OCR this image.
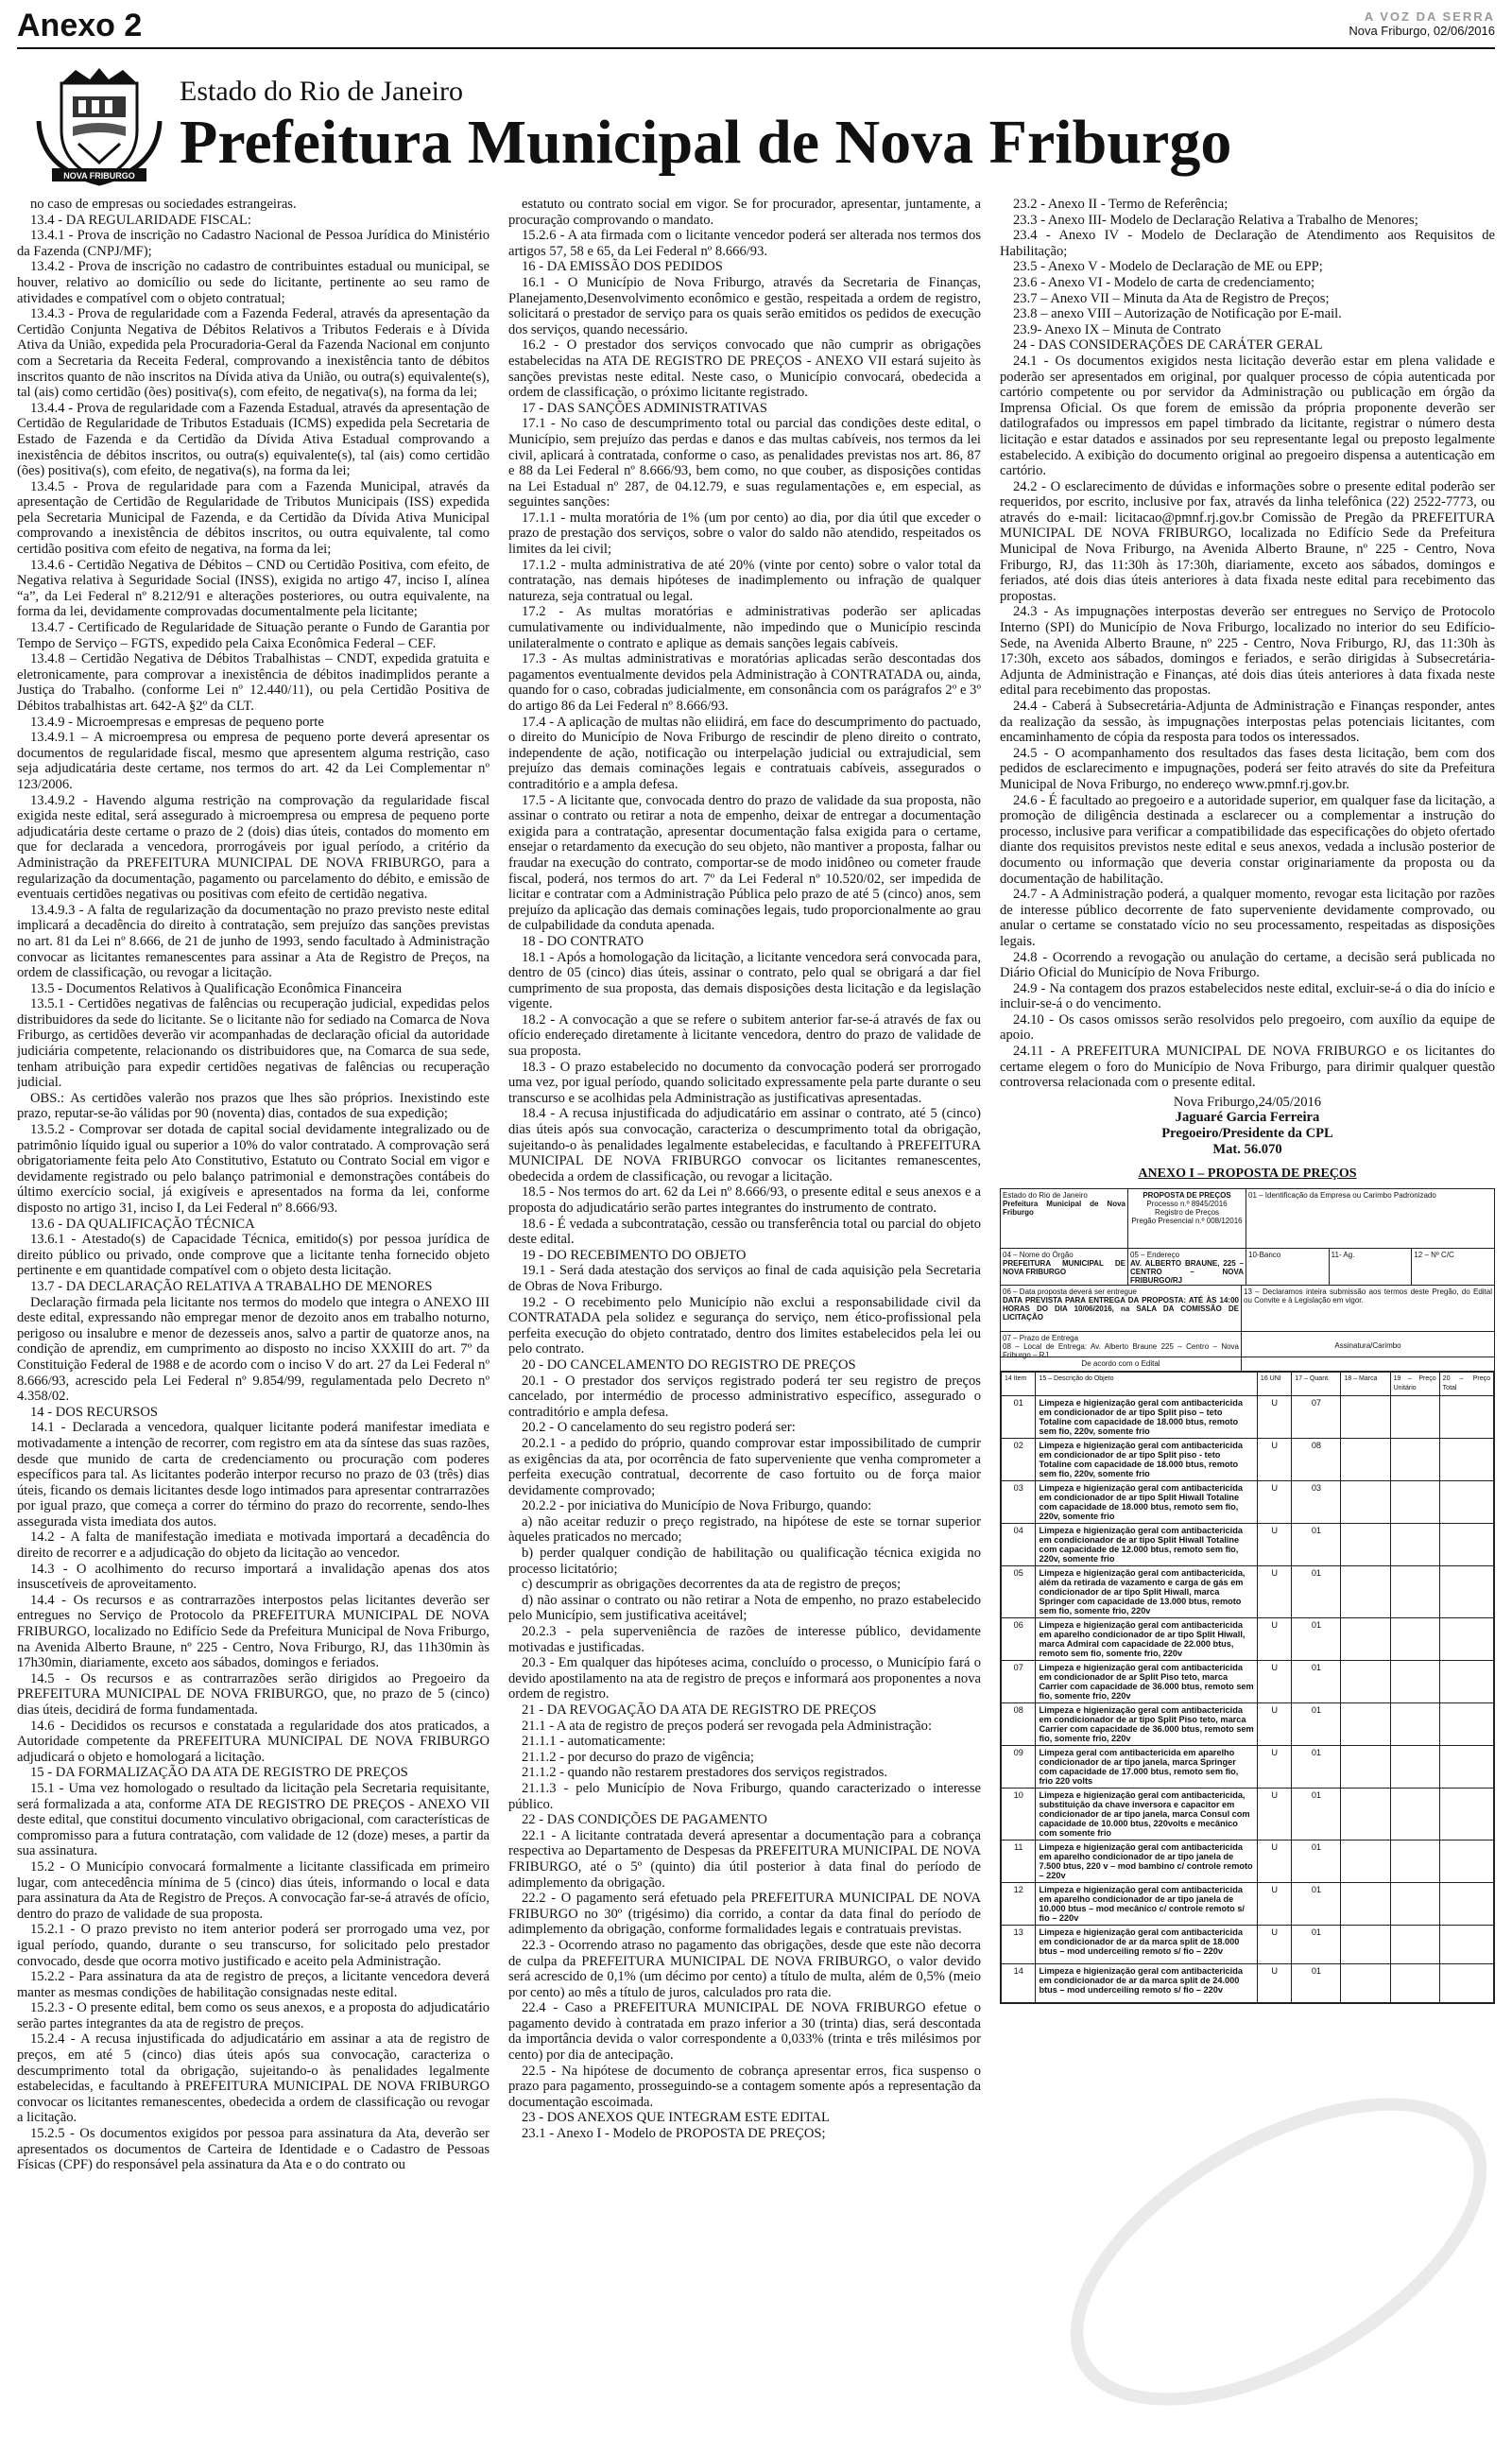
Anexo 2	A VOZ DA SERRA
Nova Friburgo, 02/06/2016
NOVA FRIBURGO
Estado do Rio de Janeiro
Prefeitura Municipal de Nova Friburgo

no caso de empresas ou sociedades estrangeiras.

13.4 - DA REGULARIDADE FISCAL:

13.4.1 - Prova de inscrição no Cadastro Nacional de Pessoa Jurídica do Ministério da Fazenda (CNPJ/MF);

13.4.2 - Prova de inscrição no cadastro de contribuintes estadual ou municipal, se houver, relativo ao domicílio ou sede do licitante, pertinente ao seu ramo de atividades e compatível com o objeto contratual;

13.4.3 - Prova de regularidade com a Fazenda Federal, através da apresentação da Certidão Conjunta Negativa de Débitos Relativos a Tributos Federais e à Dívida Ativa da União, expedida pela Procuradoria-Geral da Fazenda Nacional em conjunto com a Secretaria da Receita Federal, comprovando a inexistência tanto de débitos inscritos quanto de não inscritos na Dívida ativa da União, ou outra(s) equivalente(s), tal (ais) como certidão (ões) positiva(s), com efeito, de negativa(s), na forma da lei;

13.4.4 - Prova de regularidade com a Fazenda Estadual, através da apresentação de Certidão de Regularidade de Tributos Estaduais (ICMS) expedida pela Secretaria de Estado de Fazenda e da Certidão da Dívida Ativa Estadual comprovando a inexistência de débitos inscritos, ou outra(s) equivalente(s), tal (ais) como certidão (ões) positiva(s), com efeito, de negativa(s), na forma da lei;

13.4.5 - Prova de regularidade para com a Fazenda Municipal, através da apresentação de Certidão de Regularidade de Tributos Municipais (ISS) expedida pela Secretaria Municipal de Fazenda, e da Certidão da Dívida Ativa Municipal comprovando a inexistência de débitos inscritos, ou outra equivalente, tal como certidão positiva com efeito de negativa, na forma da lei;

13.4.6 - Certidão Negativa de Débitos – CND ou Certidão Positiva, com efeito, de Negativa relativa à Seguridade Social (INSS), exigida no artigo 47, inciso I, alínea “a”, da Lei Federal nº 8.212/91 e alterações posteriores, ou outra equivalente, na forma da lei, devidamente comprovadas documentalmente pela licitante;

13.4.7 - Certificado de Regularidade de Situação perante o Fundo de Garantia por Tempo de Serviço – FGTS, expedido pela Caixa Econômica Federal – CEF.

13.4.8 – Certidão Negativa de Débitos Trabalhistas – CNDT, expedida gratuita e eletronicamente, para comprovar a inexistência de débitos inadimplidos perante a Justiça do Trabalho. (conforme Lei nº 12.440/11), ou pela Certidão Positiva de Débitos trabalhistas art. 642-A §2º da CLT.

13.4.9 - Microempresas e empresas de pequeno porte

13.4.9.1 – A microempresa ou empresa de pequeno porte deverá apresentar os documentos de regularidade fiscal, mesmo que apresentem alguma restrição, caso seja adjudicatária deste certame, nos termos do art. 42 da Lei Complementar nº 123/2006.

13.4.9.2 - Havendo alguma restrição na comprovação da regularidade fiscal exigida neste edital, será assegurado à microempresa ou empresa de pequeno porte adjudicatária deste certame o prazo de 2 (dois) dias úteis, contados do momento em que for declarada a vencedora, prorrogáveis por igual período, a critério da Administração da PREFEITURA MUNICIPAL DE NOVA FRIBURGO, para a regularização da documentação, pagamento ou parcelamento do débito, e emissão de eventuais certidões negativas ou positivas com efeito de certidão negativa.

13.4.9.3 - A falta de regularização da documentação no prazo previsto neste edital implicará a decadência do direito à contratação, sem prejuízo das sanções previstas no art. 81 da Lei nº 8.666, de 21 de junho de 1993, sendo facultado à Administração convocar as licitantes remanescentes para assinar a Ata de Registro de Preços, na ordem de classificação, ou revogar a licitação.

13.5 - Documentos Relativos à Qualificação Econômica Financeira

13.5.1 - Certidões negativas de falências ou recuperação judicial, expedidas pelos distribuidores da sede do licitante. Se o licitante não for sediado na Comarca de Nova Friburgo, as certidões deverão vir acompanhadas de declaração oficial da autoridade judiciária competente, relacionando os distribuidores que, na Comarca de sua sede, tenham atribuição para expedir certidões negativas de falências ou recuperação judicial.

OBS.: As certidões valerão nos prazos que lhes são próprios. Inexistindo este prazo, reputar-se-ão válidas por 90 (noventa) dias, contados de sua expedição;

13.5.2 - Comprovar ser dotada de capital social devidamente integralizado ou de patrimônio líquido igual ou superior a 10% do valor contratado. A comprovação será obrigatoriamente feita pelo Ato Constitutivo, Estatuto ou Contrato Social em vigor e devidamente registrado ou pelo balanço patrimonial e demonstrações contábeis do último exercício social, já exigíveis e apresentados na forma da lei, conforme disposto no artigo 31, inciso I, da Lei Federal nº 8.666/93.

13.6 - DA QUALIFICAÇÃO TÉCNICA

13.6.1 - Atestado(s) de Capacidade Técnica, emitido(s) por pessoa jurídica de direito público ou privado, onde comprove que a licitante tenha fornecido objeto pertinente e em quantidade compatível com o objeto desta licitação.

13.7 - DA DECLARAÇÃO RELATIVA A TRABALHO DE MENORES

Declaração firmada pela licitante nos termos do modelo que integra o ANEXO III deste edital, expressando não empregar menor de dezoito anos em trabalho noturno, perigoso ou insalubre e menor de dezesseis anos, salvo a partir de quatorze anos, na condição de aprendiz, em cumprimento ao disposto no inciso XXXIII do art. 7º da Constituição Federal de 1988 e de acordo com o inciso V do art. 27 da Lei Federal nº 8.666/93, acrescido pela Lei Federal nº 9.854/99, regulamentada pelo Decreto nº 4.358/02.

14 - DOS RECURSOS

14.1 - Declarada a vencedora, qualquer licitante poderá manifestar imediata e motivadamente a intenção de recorrer, com registro em ata da síntese das suas razões, desde que munido de carta de credenciamento ou procuração com poderes específicos para tal. As licitantes poderão interpor recurso no prazo de 03 (três) dias úteis, ficando os demais licitantes desde logo intimados para apresentar contrarrazões por igual prazo, que começa a correr do término do prazo do recorrente, sendo-lhes assegurada vista imediata dos autos.

14.2 - A falta de manifestação imediata e motivada importará a decadência do direito de recorrer e a adjudicação do objeto da licitação ao vencedor.

14.3 - O acolhimento do recurso importará a invalidação apenas dos atos insuscetíveis de aproveitamento.

14.4 - Os recursos e as contrarrazões interpostos pelas licitantes deverão ser entregues no Serviço de Protocolo da PREFEITURA MUNICIPAL DE NOVA FRIBURGO, localizado no Edifício Sede da Prefeitura Municipal de Nova Friburgo, na Avenida Alberto Braune, nº 225 - Centro, Nova Friburgo, RJ, das 11h30min às 17h30min, diariamente, exceto aos sábados, domingos e feriados.

14.5 - Os recursos e as contrarrazões serão dirigidos ao Pregoeiro da PREFEITURA MUNICIPAL DE NOVA FRIBURGO, que, no prazo de 5 (cinco) dias úteis, decidirá de forma fundamentada.

14.6 - Decididos os recursos e constatada a regularidade dos atos praticados, a Autoridade competente da PREFEITURA MUNICIPAL DE NOVA FRIBURGO adjudicará o objeto e homologará a licitação.

15 - DA FORMALIZAÇÃO DA ATA DE REGISTRO DE PREÇOS

15.1 - Uma vez homologado o resultado da licitação pela Secretaria requisitante, será formalizada a ata, conforme ATA DE REGISTRO DE PREÇOS - ANEXO VII deste edital, que constitui documento vinculativo obrigacional, com características de compromisso para a futura contratação, com validade de 12 (doze) meses, a partir da sua assinatura.

15.2 - O Município convocará formalmente a licitante classificada em primeiro lugar, com antecedência mínima de 5 (cinco) dias úteis, informando o local e data para assinatura da Ata de Registro de Preços. A convocação far-se-á através de ofício, dentro do prazo de validade de sua proposta.

15.2.1 - O prazo previsto no item anterior poderá ser prorrogado uma vez, por igual período, quando, durante o seu transcurso, for solicitado pelo prestador convocado, desde que ocorra motivo justificado e aceito pela Administração.

15.2.2 - Para assinatura da ata de registro de preços, a licitante vencedora deverá manter as mesmas condições de habilitação consignadas neste edital.

15.2.3 - O presente edital, bem como os seus anexos, e a proposta do adjudicatário serão partes integrantes da ata de registro de preços.

15.2.4 - A recusa injustificada do adjudicatário em assinar a ata de registro de preços, em até 5 (cinco) dias úteis após sua convocação, caracteriza o descumprimento total da obrigação, sujeitando-o às penalidades legalmente estabelecidas, e facultando à PREFEITURA MUNICIPAL DE NOVA FRIBURGO convocar os licitantes remanescentes, obedecida a ordem de classificação ou revogar a licitação.

15.2.5 - Os documentos exigidos por pessoa para assinatura da Ata, deverão ser apresentados os documentos de Carteira de Identidade e o Cadastro de Pessoas Físicas (CPF) do responsável pela assinatura da Ata e o do contrato ou

estatuto ou contrato social em vigor. Se for procurador, apresentar, juntamente, a procuração comprovando o mandato.

15.2.6 - A ata firmada com o licitante vencedor poderá ser alterada nos termos dos artigos 57, 58 e 65, da Lei Federal nº 8.666/93.

16 - DA EMISSÃO DOS PEDIDOS

16.1 - O Município de Nova Friburgo, através da Secretaria de Finanças, Planejamento,Desenvolvimento econômico e gestão, respeitada a ordem de registro, solicitará o prestador de serviço para os quais serão emitidos os pedidos de execução dos serviços, quando necessário.

16.2 - O prestador dos serviços convocado que não cumprir as obrigações estabelecidas na ATA DE REGISTRO DE PREÇOS - ANEXO VII estará sujeito às sanções previstas neste edital. Neste caso, o Município convocará, obedecida a ordem de classificação, o próximo licitante registrado.

17 - DAS SANÇÕES ADMINISTRATIVAS

17.1 - No caso de descumprimento total ou parcial das condições deste edital, o Município, sem prejuízo das perdas e danos e das multas cabíveis, nos termos da lei civil, aplicará à contratada, conforme o caso, as penalidades previstas nos art. 86, 87 e 88 da Lei Federal nº 8.666/93, bem como, no que couber, as disposições contidas na Lei Estadual nº 287, de 04.12.79, e suas regulamentações e, em especial, as seguintes sanções:

17.1.1 - multa moratória de 1% (um por cento) ao dia, por dia útil que exceder o prazo de prestação dos serviços, sobre o valor do saldo não atendido, respeitados os limites da lei civil;

17.1.2 - multa administrativa de até 20% (vinte por cento) sobre o valor total da contratação, nas demais hipóteses de inadimplemento ou infração de qualquer natureza, seja contratual ou legal.

17.2 - As multas moratórias e administrativas poderão ser aplicadas cumulativamente ou individualmente, não impedindo que o Município rescinda unilateralmente o contrato e aplique as demais sanções legais cabíveis.

17.3 - As multas administrativas e moratórias aplicadas serão descontadas dos pagamentos eventualmente devidos pela Administração à CONTRATADA ou, ainda, quando for o caso, cobradas judicialmente, em consonância com os parágrafos 2º e 3º do artigo 86 da Lei Federal nº 8.666/93.

17.4 - A aplicação de multas não eliidirá, em face do descumprimento do pactuado, o direito do Município de Nova Friburgo de rescindir de pleno direito o contrato, independente de ação, notificação ou interpelação judicial ou extrajudicial, sem prejuízo das demais cominações legais e contratuais cabíveis, assegurados o contraditório e a ampla defesa.

17.5 - A licitante que, convocada dentro do prazo de validade da sua proposta, não assinar o contrato ou retirar a nota de empenho, deixar de entregar a documentação exigida para a contratação, apresentar documentação falsa exigida para o certame, ensejar o retardamento da execução do seu objeto, não mantiver a proposta, falhar ou fraudar na execução do contrato, comportar-se de modo inidôneo ou cometer fraude fiscal, poderá, nos termos do art. 7º da Lei Federal nº 10.520/02, ser impedida de licitar e contratar com a Administração Pública pelo prazo de até 5 (cinco) anos, sem prejuízo da aplicação das demais cominações legais, tudo proporcionalmente ao grau de culpabilidade da conduta apenada.

18 - DO CONTRATO

18.1 - Após a homologação da licitação, a licitante vencedora será convocada para, dentro de 05 (cinco) dias úteis, assinar o contrato, pelo qual se obrigará a dar fiel cumprimento de sua proposta, das demais disposições desta licitação e da legislação vigente.

18.2 - A convocação a que se refere o subitem anterior far-se-á através de fax ou ofício endereçado diretamente à licitante vencedora, dentro do prazo de validade de sua proposta.

18.3 - O prazo estabelecido no documento da convocação poderá ser prorrogado uma vez, por igual período, quando solicitado expressamente pela parte durante o seu transcurso e se acolhidas pela Administração as justificativas apresentadas.

18.4 - A recusa injustificada do adjudicatário em assinar o contrato, até 5 (cinco) dias úteis após sua convocação, caracteriza o descumprimento total da obrigação, sujeitando-o às penalidades legalmente estabelecidas, e facultando à PREFEITURA MUNICIPAL DE NOVA FRIBURGO convocar os licitantes remanescentes, obedecida a ordem de classificação, ou revogar a licitação.

18.5 - Nos termos do art. 62 da Lei nº 8.666/93, o presente edital e seus anexos e a proposta do adjudicatário serão partes integrantes do instrumento de contrato.

18.6 - É vedada a subcontratação, cessão ou transferência total ou parcial do objeto deste edital.

19 - DO RECEBIMENTO DO OBJETO

19.1 - Será dada atestação dos serviços ao final de cada aquisição pela Secretaria de Obras de Nova Friburgo.

19.2 - O recebimento pelo Município não exclui a responsabilidade civil da CONTRATADA pela solidez e segurança do serviço, nem ético-profissional pela perfeita execução do objeto contratado, dentro dos limites estabelecidos pela lei ou pelo contrato.

20 - DO CANCELAMENTO DO REGISTRO DE PREÇOS

20.1 - O prestador dos serviços registrado poderá ter seu registro de preços cancelado, por intermédio de processo administrativo específico, assegurado o contraditório e ampla defesa.

20.2 - O cancelamento do seu registro poderá ser:

20.2.1 - a pedido do próprio, quando comprovar estar impossibilitado de cumprir as exigências da ata, por ocorrência de fato superveniente que venha comprometer a perfeita execução contratual, decorrente de caso fortuito ou de força maior devidamente comprovado;

20.2.2 - por iniciativa do Município de Nova Friburgo, quando:

a) não aceitar reduzir o preço registrado, na hipótese de este se tornar superior àqueles praticados no mercado;

b) perder qualquer condição de habilitação ou qualificação técnica exigida no processo licitatório;

c) descumprir as obrigações decorrentes da ata de registro de preços;

d) não assinar o contrato ou não retirar a Nota de empenho, no prazo estabelecido pelo Município, sem justificativa aceitável;

20.2.3 - pela superveniência de razões de interesse público, devidamente motivadas e justificadas.

20.3 - Em qualquer das hipóteses acima, concluído o processo, o Município fará o devido apostilamento na ata de registro de preços e informará aos proponentes a nova ordem de registro.

21 - DA REVOGAÇÃO DA ATA DE REGISTRO DE PREÇOS

21.1 - A ata de registro de preços poderá ser revogada pela Administração:

21.1.1 - automaticamente:

21.1.2 - por decurso do prazo de vigência;

21.1.2 - quando não restarem prestadores dos serviços registrados.

21.1.3 - pelo Município de Nova Friburgo, quando caracterizado o interesse público.

22 - DAS CONDIÇÕES DE PAGAMENTO

22.1 - A licitante contratada deverá apresentar a documentação para a cobrança respectiva ao Departamento de Despesas da PREFEITURA MUNICIPAL DE NOVA FRIBURGO, até o 5º (quinto) dia útil posterior à data final do período de adimplemento da obrigação.

22.2 - O pagamento será efetuado pela PREFEITURA MUNICIPAL DE NOVA FRIBURGO no 30º (trigésimo) dia corrido, a contar da data final do período de adimplemento da obrigação, conforme formalidades legais e contratuais previstas.

22.3 - Ocorrendo atraso no pagamento das obrigações, desde que este não decorra de culpa da PREFEITURA MUNICIPAL DE NOVA FRIBURGO, o valor devido será acrescido de 0,1% (um décimo por cento) a título de multa, além de 0,5% (meio por cento) ao mês a título de juros, calculados pro rata die.

22.4 - Caso a PREFEITURA MUNICIPAL DE NOVA FRIBURGO efetue o pagamento devido à contratada em prazo inferior a 30 (trinta) dias, será descontada da importância devida o valor correspondente a 0,033% (trinta e três milésimos por cento) por dia de antecipação.

22.5 - Na hipótese de documento de cobrança apresentar erros, fica suspenso o prazo para pagamento, prosseguindo-se a contagem somente após a representação da documentação escoimada.

23 - DOS ANEXOS QUE INTEGRAM ESTE EDITAL

23.1 - Anexo I - Modelo de PROPOSTA DE PREÇOS;

23.2 - Anexo II - Termo de Referência;

23.3 - Anexo III- Modelo de Declaração Relativa a Trabalho de Menores;

23.4 - Anexo IV - Modelo de Declaração de Atendimento aos Requisitos de Habilitação;

23.5 - Anexo V - Modelo de Declaração de ME ou EPP;

23.6 - Anexo VI - Modelo de carta de credenciamento;

23.7 – Anexo VII – Minuta da Ata de Registro de Preços;

23.8 – anexo VIII – Autorização de Notificação por E-mail.

23.9- Anexo IX – Minuta de Contrato

24 - DAS CONSIDERAÇÕES DE CARÁTER GERAL

24.1 - Os documentos exigidos nesta licitação deverão estar em plena validade e poderão ser apresentados em original, por qualquer processo de cópia autenticada por cartório competente ou por servidor da Administração ou publicação em órgão da Imprensa Oficial. Os que forem de emissão da própria proponente deverão ser datilografados ou impressos em papel timbrado da licitante, registrar o número desta licitação e estar datados e assinados por seu representante legal ou preposto legalmente estabelecido. A exibição do documento original ao pregoeiro dispensa a autenticação em cartório.

24.2 - O esclarecimento de dúvidas e informações sobre o presente edital poderão ser requeridos, por escrito, inclusive por fax, através da linha telefônica (22) 2522-7773, ou através do e-mail: licitacao@pmnf.rj.gov.br Comissão de Pregão da PREFEITURA MUNICIPAL DE NOVA FRIBURGO, localizada no Edifício Sede da Prefeitura Municipal de Nova Friburgo, na Avenida Alberto Braune, nº 225 - Centro, Nova Friburgo, RJ, das 11:30h às 17:30h, diariamente, exceto aos sábados, domingos e feriados, até dois dias úteis anteriores à data fixada neste edital para recebimento das propostas.

24.3 - As impugnações interpostas deverão ser entregues no Serviço de Protocolo Interno (SPI) do Município de Nova Friburgo, localizado no interior do seu Edifício-Sede, na Avenida Alberto Braune, nº 225 - Centro, Nova Friburgo, RJ, das 11:30h às 17:30h, exceto aos sábados, domingos e feriados, e serão dirigidas à Subsecretária-Adjunta de Administração e Finanças, até dois dias úteis anteriores à data fixada neste edital para recebimento das propostas.

24.4 - Caberá à Subsecretária-Adjunta de Administração e Finanças responder, antes da realização da sessão, às impugnações interpostas pelas potenciais licitantes, com encaminhamento de cópia da resposta para todos os interessados.

24.5 - O acompanhamento dos resultados das fases desta licitação, bem com dos pedidos de esclarecimento e impugnações, poderá ser feito através do site da Prefeitura Municipal de Nova Friburgo, no endereço www.pmnf.rj.gov.br.

24.6 - É facultado ao pregoeiro e a autoridade superior, em qualquer fase da licitação, a promoção de diligência destinada a esclarecer ou a complementar a instrução do processo, inclusive para verificar a compatibilidade das especificações do objeto ofertado diante dos requisitos previstos neste edital e seus anexos, vedada a inclusão posterior de documento ou informação que deveria constar originariamente da proposta ou da documentação de habilitação.

24.7 - A Administração poderá, a qualquer momento, revogar esta licitação por razões de interesse público decorrente de fato superveniente devidamente comprovado, ou anular o certame se constatado vício no seu processamento, respeitadas as disposições legais.

24.8 - Ocorrendo a revogação ou anulação do certame, a decisão será publicada no Diário Oficial do Município de Nova Friburgo.

24.9 - Na contagem dos prazos estabelecidos neste edital, excluir-se-á o dia do início e incluir-se-á o do vencimento.

24.10 - Os casos omissos serão resolvidos pelo pregoeiro, com auxílio da equipe de apoio.

24.11 - A PREFEITURA MUNICIPAL DE NOVA FRIBURGO e os licitantes do certame elegem o foro do Município de Nova Friburgo, para dirimir qualquer questão controversa relacionada com o presente edital.

Nova Friburgo,24/05/2016
Jaguaré Garcia Ferreira
Pregoeiro/Presidente da CPL
Mat. 56.070
ANEXO I – PROPOSTA DE PREÇOS
Estado do Rio de Janeiro
Prefeitura Municipal de Nova Friburgo
PROPOSTA DE PREÇOS
Processo n.º 8945/2016
Registro de Preços
Pregão Presencial n.º 008/12016
01 – Identificação da Empresa ou Carimbo Padronizado
04 – Nome do Órgão
PREFEITURA MUNICIPAL DE NOVA FRIBURGO
05 – Endereço
AV. ALBERTO BRAUNE, 225 – CENTRO – NOVA FRIBURGO/RJ
10-Banco	11- Ag.	12 – Nº C/C
06 – Data proposta deverá ser entregue
DATA PREVISTA PARA ENTREGA DA PROPOSTA: ATÉ ÀS 14:00 HORAS DO DIA 10/06/2016, na SALA DA COMISSÃO DE LICITAÇÃO
13 – Declaramos inteira submissão aos termos deste Pregão, do Edital ou Convite e à Legislação em vigor.
07 – Prazo de Entrega
08 – Local de Entrega: Av. Alberto Braune 225 – Centro – Nova Friburgo – RJ
Assinatura/Carimbo
De acordo com o Edital
14 Item	15 – Descrição do Objeto	16 UNI	17 – Quant.	18 – Marca	19 – Preço Unitário	20 – Preço Total
01	Limpeza e higienização geral com antibactericida em condicionador de ar tipo Split piso – teto Totaline com capacidade de 18.000 btus, remoto sem fio, 220v, somente frio	U	07			
02	Limpeza e higienização geral com antibactericida em condicionador de ar tipo Split piso - teto Totaline com capacidade de 18.000 btus, remoto sem fio, 220v, somente frio	U	08			
03	Limpeza e higienização geral com antibactericida em condicionador de ar tipo Split Hiwall Totaline com capacidade de 18.000 btus, remoto sem fio, 220v, somente frio	U	03			
04	Limpeza e higienização geral com antibactericida em condicionador de ar tipo Split Hiwall Totaline com capacidade de 12.000 btus, remoto sem fio, 220v, somente frio	U	01			
05	Limpeza e higienização geral com antibactericida, além da retirada de vazamento e carga de gás em condicionador de ar tipo Split Hiwall, marca Springer com capacidade de 13.000 btus, remoto sem fio, somente frio, 220v	U	01			
06	Limpeza e higienização geral com antibactericida em aparelho condicionador de ar tipo Split Hiwall, marca Admiral com capacidade de 22.000 btus, remoto sem fio, somente frio, 220v	U	01			
07	Limpeza e higienização geral com antibactericida em condicionador de ar Split Piso teto, marca Carrier com capacidade de 36.000 btus, remoto sem fio, somente frio, 220v	U	01			
08	Limpeza e higienização geral com antibactericida em condicionador de ar tipo Split Piso teto, marca Carrier com capacidade de 36.000 btus, remoto sem fio, somente frio, 220v	U	01			
09	Limpeza geral com antibactericida em aparelho condicionador de ar tipo janela, marca Springer com capacidade de 17.000 btus, remoto sem fio, frio 220 volts	U	01			
10	Limpeza e higienização geral com antibactericida, substituição da chave inversora e capacitor em condicionador de ar tipo janela, marca Consul com capacidade de 10.000 btus, 220volts e mecânico com somente frio	U	01			
11	Limpeza e higienização geral com antibactericida em aparelho condicionador de ar tipo janela de 7.500 btus, 220 v – mod bambino c/ controle remoto – 220v	U	01			
12	Limpeza e higienização geral com antibactericida em aparelho condicionador de ar tipo janela de 10.000 btus – mod mecânico c/ controle remoto s/ fio – 220v	U	01			
13	Limpeza e higienização geral com antibactericida em condicionador de ar da marca split de 18.000 btus – mod underceiling remoto s/ fio – 220v	U	01			
14	Limpeza e higienização geral com antibactericida em condicionador de ar da marca split de 24.000 btus – mod underceiling remoto s/ fio – 220v	U	01			
